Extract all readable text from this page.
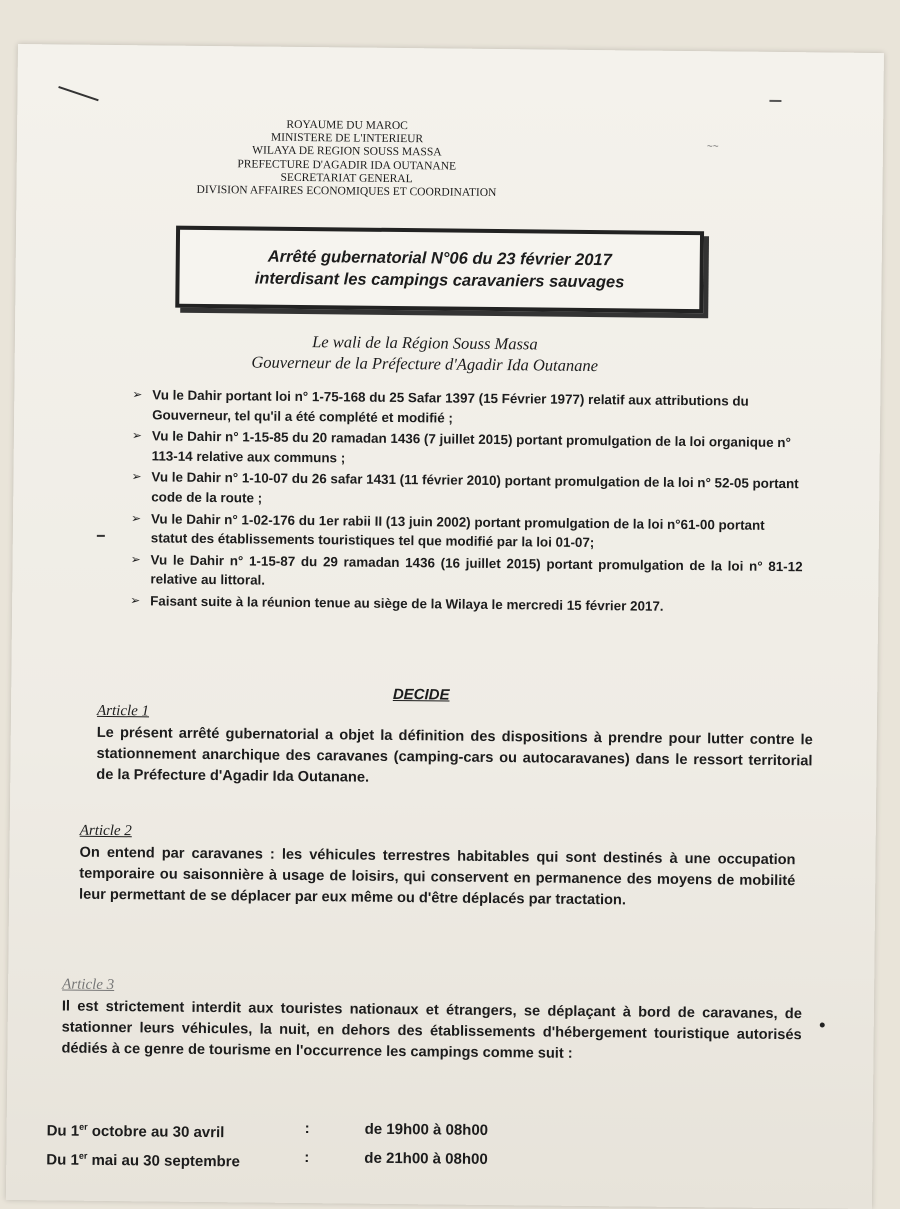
~~
ROYAUME DU MAROC
MINISTERE DE L'INTERIEUR
WILAYA DE REGION SOUSS MASSA
PREFECTURE D'AGADIR IDA OUTANANE
SECRETARIAT GENERAL
DIVISION AFFAIRES ECONOMIQUES ET COORDINATION
Arrêté gubernatorial N°06 du 23 février 2017
interdisant les campings caravaniers sauvages
Le wali de la Région Souss Massa
Gouverneur de la Préfecture d'Agadir Ida Outanane
➢ Vu le Dahir portant loi n° 1-75-168 du 25 Safar 1397 (15 Février 1977) relatif aux attributions du Gouverneur, tel qu'il a été complété et modifié ;
➢ Vu le Dahir n° 1-15-85 du 20 ramadan 1436 (7 juillet 2015) portant promulgation de la loi organique n° 113-14 relative aux communs ;
➢ Vu le Dahir n° 1-10-07 du 26 safar 1431 (11 février 2010) portant promulgation de la loi n° 52-05 portant code de la route ;
➢ Vu le Dahir n° 1-02-176 du 1er rabii II (13 juin 2002) portant promulgation de la loi n°61-00 portant statut des établissements touristiques tel que modifié par la loi 01-07;
➢ Vu le Dahir n° 1-15-87 du 29 ramadan 1436 (16 juillet 2015) portant promulgation de la loi n° 81-12 relative au littoral.
➢ Faisant suite à la réunion tenue au siège de la Wilaya le mercredi 15 février 2017.
DECIDE
Article 1
Le présent arrêté gubernatorial a objet la définition des dispositions à prendre pour lutter contre le stationnement anarchique des caravanes (camping-cars ou autocaravanes) dans le ressort territorial de la Préfecture d'Agadir Ida Outanane.
Article 2
On entend par caravanes : les véhicules terrestres habitables qui sont destinés à une occupation temporaire ou saisonnière à usage de loisirs, qui conservent en permanence des moyens de mobilité leur permettant de se déplacer par eux même ou d'être déplacés par tractation.
Article 3
Il est strictement interdit aux touristes nationaux et étrangers, se déplaçant à bord de caravanes, de stationner leurs véhicules, la nuit, en dehors des établissements d'hébergement touristique autorisés dédiés à ce genre de tourisme en l'occurrence les campings comme suit :
Du 1er octobre au 30 avril	:	de 19h00 à 08h00
Du 1er mai au 30 septembre	:	de 21h00 à 08h00
